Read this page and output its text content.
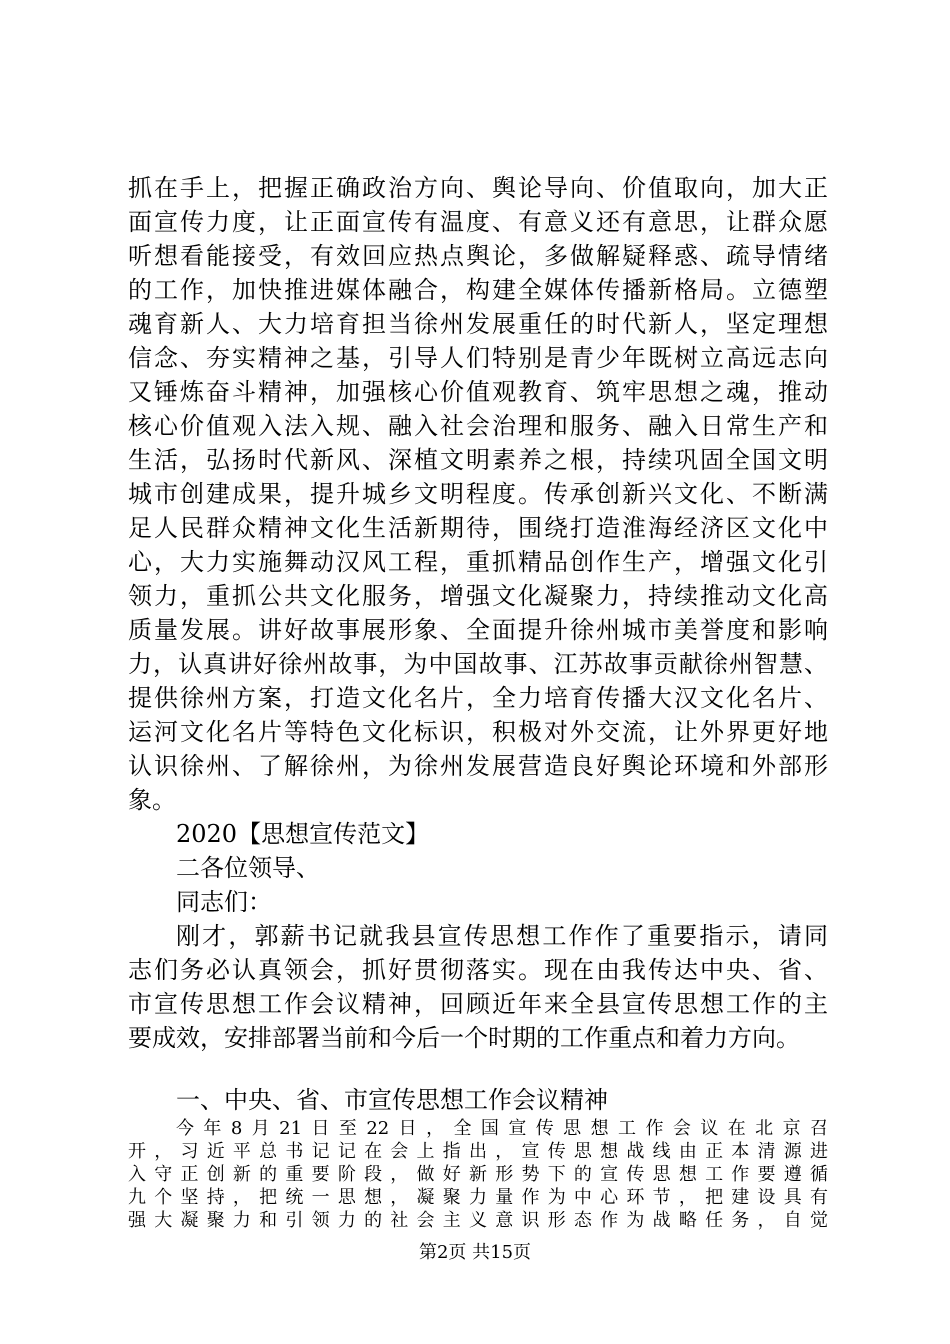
抓在手上，把握正确政治方向、舆论导向、价值取向，加大正
面宣传力度，让正面宣传有温度、有意义还有意思，让群众愿
听想看能接受，有效回应热点舆论，多做解疑释惑、疏导情绪
的工作，加快推进媒体融合，构建全媒体传播新格局。立德塑
魂育新人、大力培育担当徐州发展重任的时代新人，坚定理想
信念、夯实精神之基，引导人们特别是青少年既树立高远志向
又锤炼奋斗精神，加强核心价值观教育、筑牢思想之魂，推动
核心价值观入法入规、融入社会治理和服务、融入日常生产和
生活，弘扬时代新风、深植文明素养之根，持续巩固全国文明
城市创建成果，提升城乡文明程度。传承创新兴文化、不断满
足人民群众精神文化生活新期待，围绕打造淮海经济区文化中
心，大力实施舞动汉风工程，重抓精品创作生产，增强文化引
领力，重抓公共文化服务，增强文化凝聚力，持续推动文化高
质量发展。讲好故事展形象、全面提升徐州城市美誉度和影响
力，认真讲好徐州故事，为中国故事、江苏故事贡献徐州智慧、
提供徐州方案，打造文化名片，全力培育传播大汉文化名片、
运河文化名片等特色文化标识，积极对外交流，让外界更好地
认识徐州、了解徐州，为徐州发展营造良好舆论环境和外部形
象。
2020【思想宣传范文】
二各位领导、
同志们：
刚才，郭薪书记就我县宣传思想工作作了重要指示，请同
志们务必认真领会，抓好贯彻落实。现在由我传达中央、省、
市宣传思想工作会议精神，回顾近年来全县宣传思想工作的主
要成效，安排部署当前和今后一个时期的工作重点和着力方向。
一、中央、省、市宣传思想工作会议精神
今年8月21日至22日，全国宣传思想工作会议在北京召
开，习近平总书记记在会上指出，宣传思想战线由正本清源进
入守正创新的重要阶段，做好新形势下的宣传思想工作要遵循
九个坚持，把统一思想，凝聚力量作为中心环节，把建设具有
强大凝聚力和引领力的社会主义意识形态作为战略任务，自觉
第2页 共15页
